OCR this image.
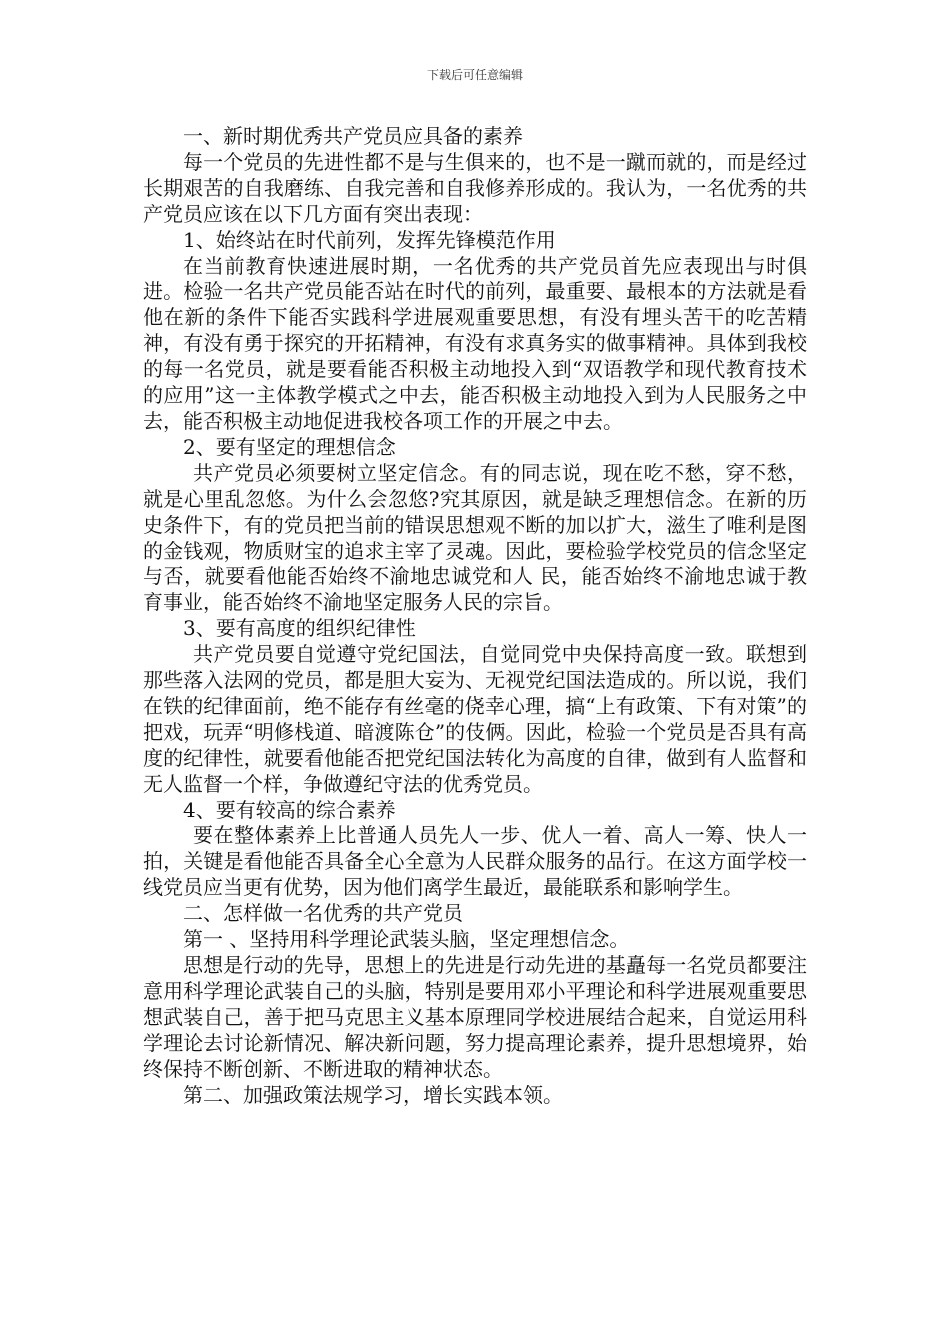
下载后可任意编辑

一、新时期优秀共产党员应具备的素养

每一个党员的先进性都不是与生俱来的，也不是一蹴而就的，而是经过长期艰苦的自我磨练、自我完善和自我修养形成的。我认为，一名优秀的共产党员应该在以下几方面有突出表现：

1、始终站在时代前列，发挥先锋模范作用

在当前教育快速进展时期，一名优秀的共产党员首先应表现出与时俱进。检验一名共产党员能否站在时代的前列，最重要、最根本的方法就是看他在新的条件下能否实践科学进展观重要思想，有没有埋头苦干的吃苦精神，有没有勇于探究的开拓精神，有没有求真务实的做事精神。具体到我校的每一名党员，就是要看能否积极主动地投入到“双语教学和现代教育技术的应用”这一主体教学模式之中去，能否积极主动地投入到为人民服务之中去，能否积极主动地促进我校各项工作的开展之中去。

2、要有坚定的理想信念

共产党员必须要树立坚定信念。有的同志说，现在吃不愁，穿不愁，就是心里乱忽悠。为什么会忽悠?究其原因，就是缺乏理想信念。在新的历史条件下，有的党员把当前的错误思想观不断的加以扩大，滋生了唯利是图的金钱观，物质财宝的追求主宰了灵魂。因此，要检验学校党员的信念坚定与否，就要看他能否始终不渝地忠诚党和人 民，能否始终不渝地忠诚于教育事业，能否始终不渝地坚定服务人民的宗旨。

3、要有高度的组织纪律性

共产党员要自觉遵守党纪国法，自觉同党中央保持高度一致。联想到那些落入法网的党员，都是胆大妄为、无视党纪国法造成的。所以说，我们在铁的纪律面前，绝不能存有丝毫的侥幸心理，搞“上有政策、下有对策”的把戏，玩弄“明修栈道、暗渡陈仓”的伎俩。因此，检验一个党员是否具有高度的纪律性，就要看他能否把党纪国法转化为高度的自律，做到有人监督和无人监督一个样，争做遵纪守法的优秀党员。

4、要有较高的综合素养

要在整体素养上比普通人员先人一步、优人一着、高人一筹、快人一拍，关键是看他能否具备全心全意为人民群众服务的品行。在这方面学校一线党员应当更有优势，因为他们离学生最近，最能联系和影响学生。

二、怎样做一名优秀的共产党员

第一 、坚持用科学理论武装头脑，坚定理想信念。

思想是行动的先导，思想上的先进是行动先进的基矗每一名党员都要注意用科学理论武装自己的头脑，特别是要用邓小平理论和科学进展观重要思想武装自己，善于把马克思主义基本原理同学校进展结合起来，自觉运用科学理论去讨论新情况、解决新问题，努力提高理论素养，提升思想境界，始终保持不断创新、不断进取的精神状态。

第二、加强政策法规学习，增长实践本领。
